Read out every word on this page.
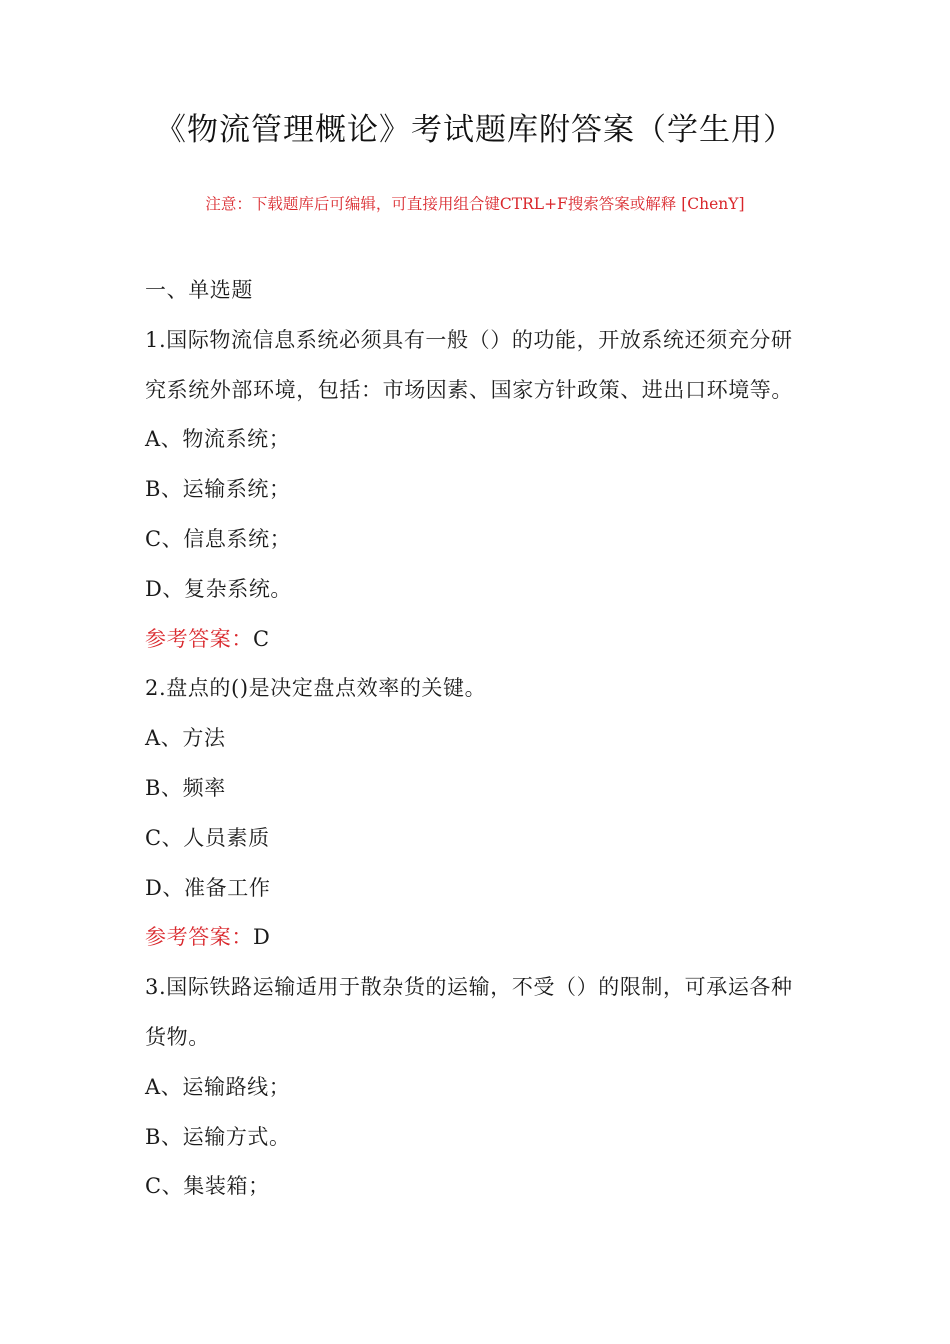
《物流管理概论》考试题库附答案（学生用）
注意：下载题库后可编辑，可直接用组合键CTRL+F搜索答案或解释 [ChenY]
一、单选题
1.国际物流信息系统必须具有一般（）的功能，开放系统还须充分研
究系统外部环境，包括：市场因素、国家方针政策、进出口环境等。
A、物流系统；
B、运输系统；
C、信息系统；
D、复杂系统。
参考答案：C
2.盘点的()是决定盘点效率的关键。
A、方法
B、频率
C、人员素质
D、准备工作
参考答案：D
3.国际铁路运输适用于散杂货的运输，不受（）的限制，可承运各种
货物。
A、运输路线；
B、运输方式。
C、集装箱；
